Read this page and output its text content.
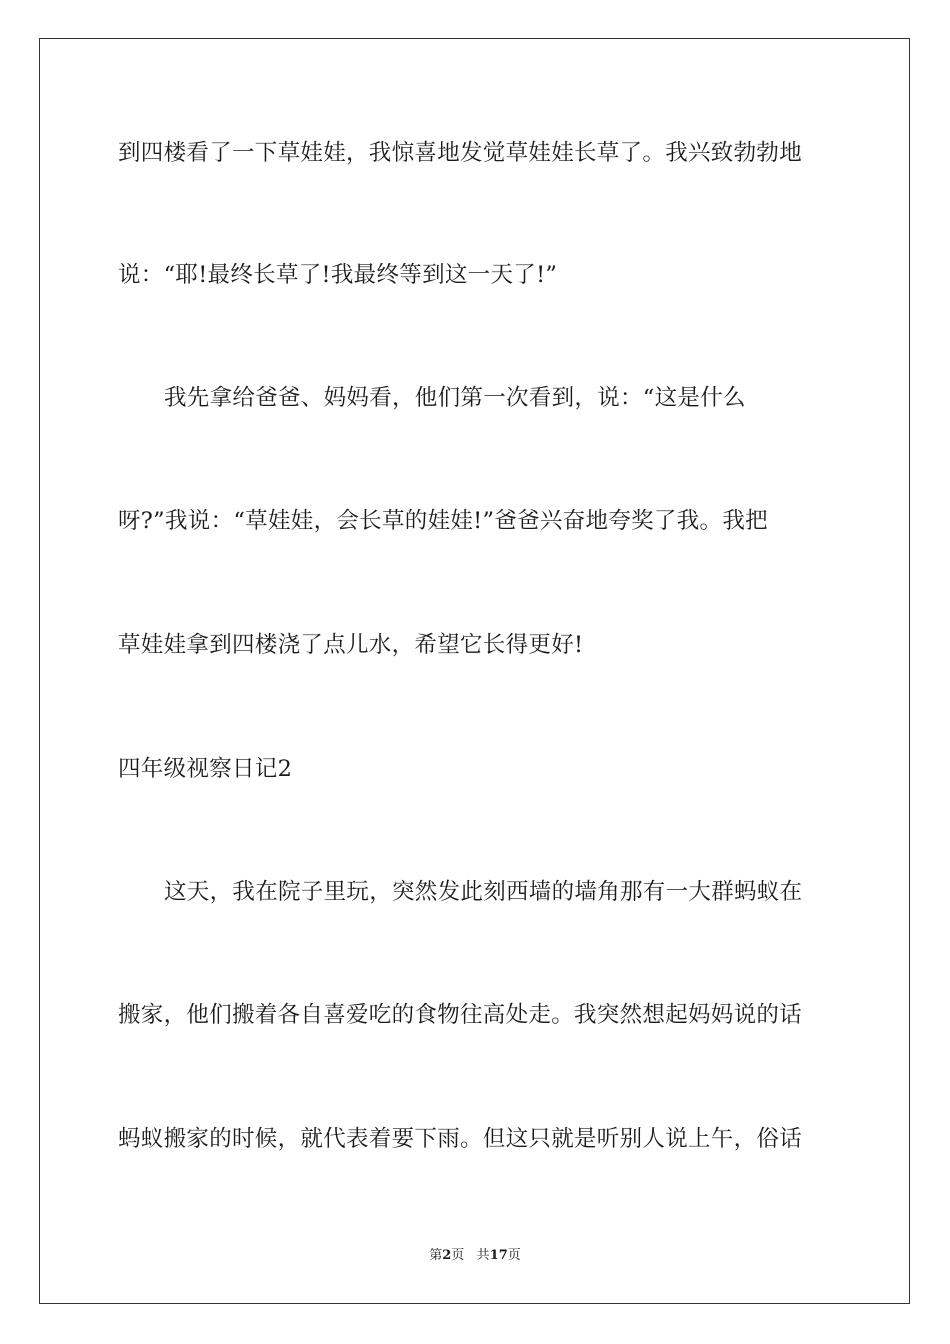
到四楼看了一下草娃娃，我惊喜地发觉草娃娃长草了。我兴致勃勃地
说：“耶!最终长草了!我最终等到这一天了!”
我先拿给爸爸、妈妈看，他们第一次看到，说：“这是什么
呀?”我说：“草娃娃，会长草的娃娃!”爸爸兴奋地夸奖了我。我把
草娃娃拿到四楼浇了点儿水，希望它长得更好!
四年级视察日记2
这天，我在院子里玩，突然发此刻西墙的墙角那有一大群蚂蚁在
搬家，他们搬着各自喜爱吃的食物往高处走。我突然想起妈妈说的话
蚂蚁搬家的时候，就代表着要下雨。但这只就是听别人说上午，俗话
第2页 共17页
